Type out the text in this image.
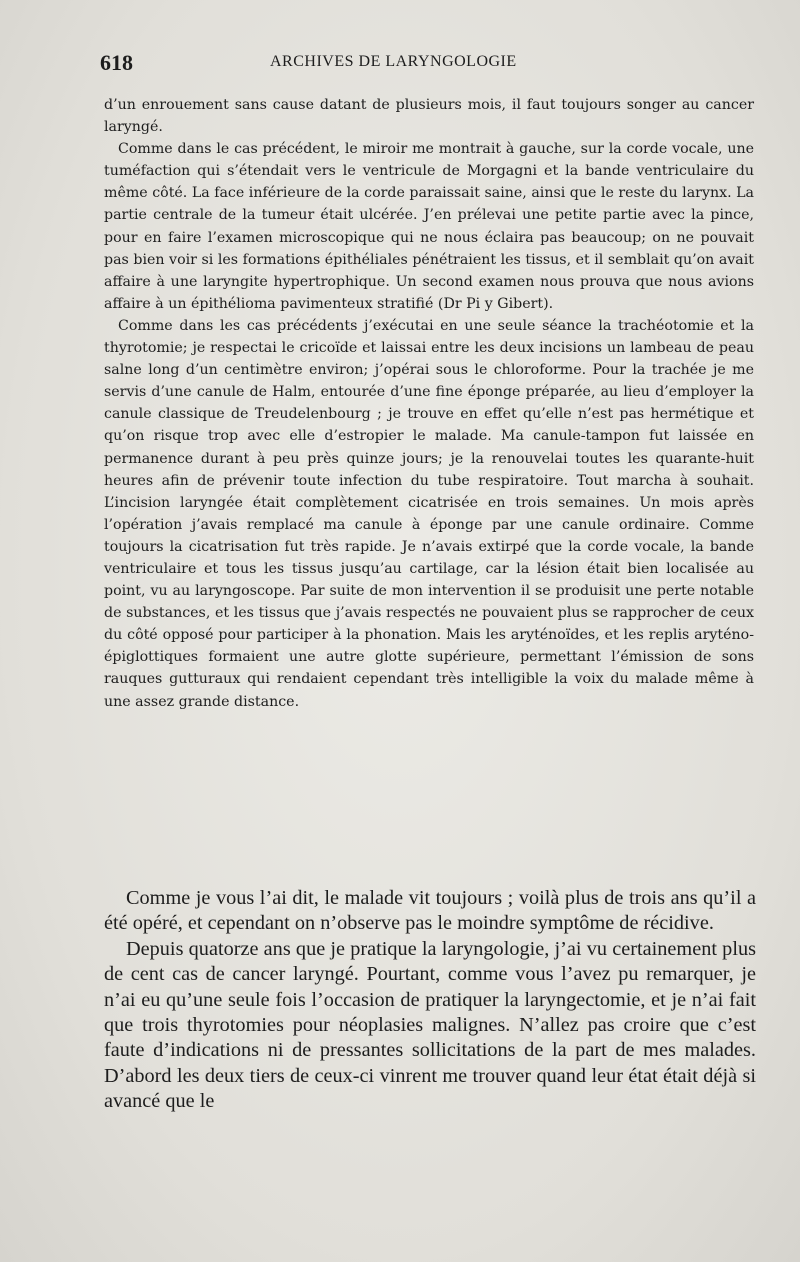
618	ARCHIVES DE LARYNGOLOGIE

d’un enrouement sans cause datant de plusieurs mois, il faut toujours songer au cancer laryngé.

Comme dans le cas précédent, le miroir me montrait à gauche, sur la corde vocale, une tuméfaction qui s’étendait vers le ventricule de Morgagni et la bande ventriculaire du même côté. La face inférieure de la corde paraissait saine, ainsi que le reste du larynx. La partie centrale de la tumeur était ulcérée. J’en prélevai une petite partie avec la pince, pour en faire l’examen microscopique qui ne nous éclaira pas beaucoup; on ne pouvait pas bien voir si les formations épithéliales pénétraient les tissus, et il semblait qu’on avait affaire à une laryngite hypertrophique. Un second examen nous prouva que nous avions affaire à un épithélioma pavimenteux stratifié (Dr Pi y Gibert).

Comme dans les cas précédents j’exécutai en une seule séance la trachéotomie et la thyrotomie; je respectai le cricoïde et laissai entre les deux incisions un lambeau de peau salne long d’un centimètre environ; j’opérai sous le chloroforme. Pour la trachée je me servis d’une canule de Halm, entourée d’une fine éponge préparée, au lieu d’employer la canule classique de Treudelenbourg ; je trouve en effet qu’elle n’est pas hermétique et qu’on risque trop avec elle d’estropier le malade. Ma canule-tampon fut laissée en permanence durant à peu près quinze jours; je la renouvelai toutes les quarante-huit heures afin de prévenir toute infection du tube respiratoire. Tout marcha à souhait. L’incision laryngée était complètement cicatrisée en trois semaines. Un mois après l’opération j’avais remplacé ma canule à éponge par une canule ordinaire. Comme toujours la cicatrisation fut très rapide. Je n’avais extirpé que la corde vocale, la bande ventriculaire et tous les tissus jusqu’au cartilage, car la lésion était bien localisée au point, vu au laryngoscope. Par suite de mon intervention il se produisit une perte notable de substances, et les tissus que j’avais respectés ne pouvaient plus se rapprocher de ceux du côté opposé pour participer à la phonation. Mais les aryténoïdes, et les replis aryténo-épiglottiques formaient une autre glotte supérieure, permettant l’émission de sons rauques gutturaux qui rendaient cependant très intelligible la voix du malade même à une assez grande distance.

Comme je vous l’ai dit, le malade vit toujours ; voilà plus de trois ans qu’il a été opéré, et cependant on n’observe pas le moindre symptôme de récidive.

Depuis quatorze ans que je pratique la laryngologie, j’ai vu certainement plus de cent cas de cancer laryngé. Pourtant, comme vous l’avez pu remarquer, je n’ai eu qu’une seule fois l’occasion de pratiquer la laryngectomie, et je n’ai fait que trois thyrotomies pour néoplasies malignes. N’allez pas croire que c’est faute d’indications ni de pressantes sollicitations de la part de mes malades. D’abord les deux tiers de ceux-ci vinrent me trouver quand leur état était déjà si avancé que le
